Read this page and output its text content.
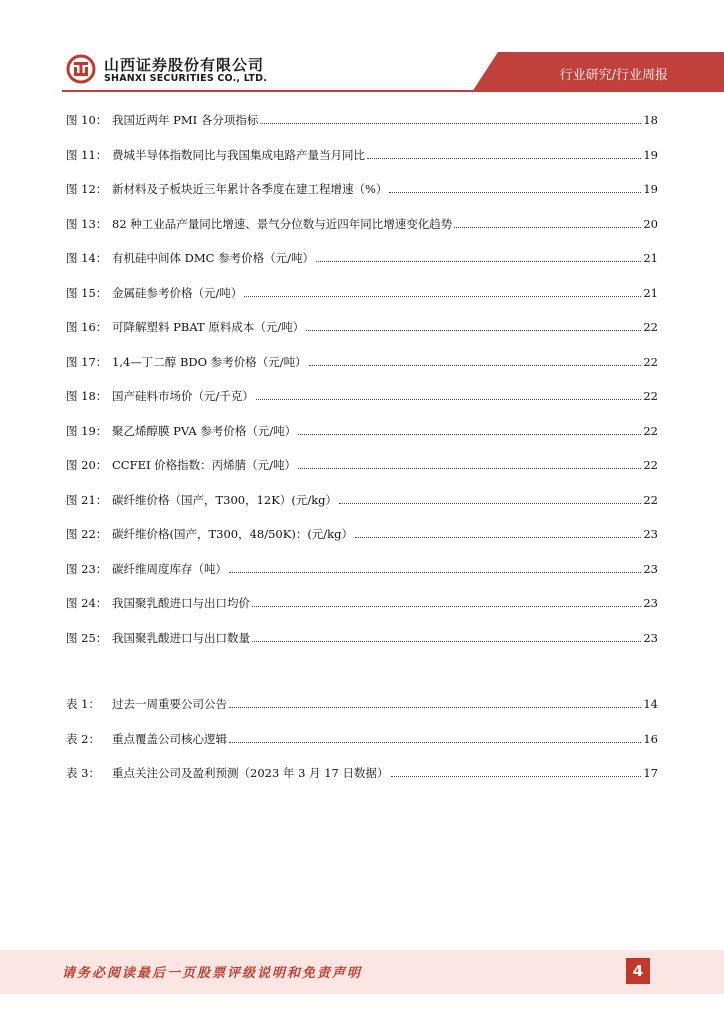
山西证券股份有限公司
SHANXI SECURITIES CO., LTD.	行业研究/行业周报
图 10： 我国近两年 PMI 各分项指标	18
图 11： 费城半导体指数同比与我国集成电路产量当月同比	19
图 12： 新材料及子板块近三年累计各季度在建工程增速（%）	19
图 13： 82 种工业品产量同比增速、景气分位数与近四年同比增速变化趋势	20
图 14： 有机硅中间体 DMC 参考价格（元/吨）	21
图 15： 金属硅参考价格（元/吨）	21
图 16： 可降解塑料 PBAT 原料成本（元/吨）	22
图 17： 1,4—丁二醇 BDO 参考价格（元/吨）	22
图 18： 国产硅料市场价（元/千克）	22
图 19： 聚乙烯醇膜 PVA 参考价格（元/吨）	22
图 20： CCFEI 价格指数：丙烯腈（元/吨）	22
图 21： 碳纤维价格（国产，T300，12K）(元/kg）	22
图 22： 碳纤维价格(国产，T300，48/50K)：(元/kg）	23
图 23： 碳纤维周度库存（吨）	23
图 24： 我国聚乳酸进口与出口均价	23
图 25： 我国聚乳酸进口与出口数量	23
表 1：	过去一周重要公司公告	14
表 2：	重点覆盖公司核心逻辑	16
表 3：	重点关注公司及盈利预测（2023 年 3 月 17 日数据）	17
请务必阅读最后一页股票评级说明和免责声明	4
